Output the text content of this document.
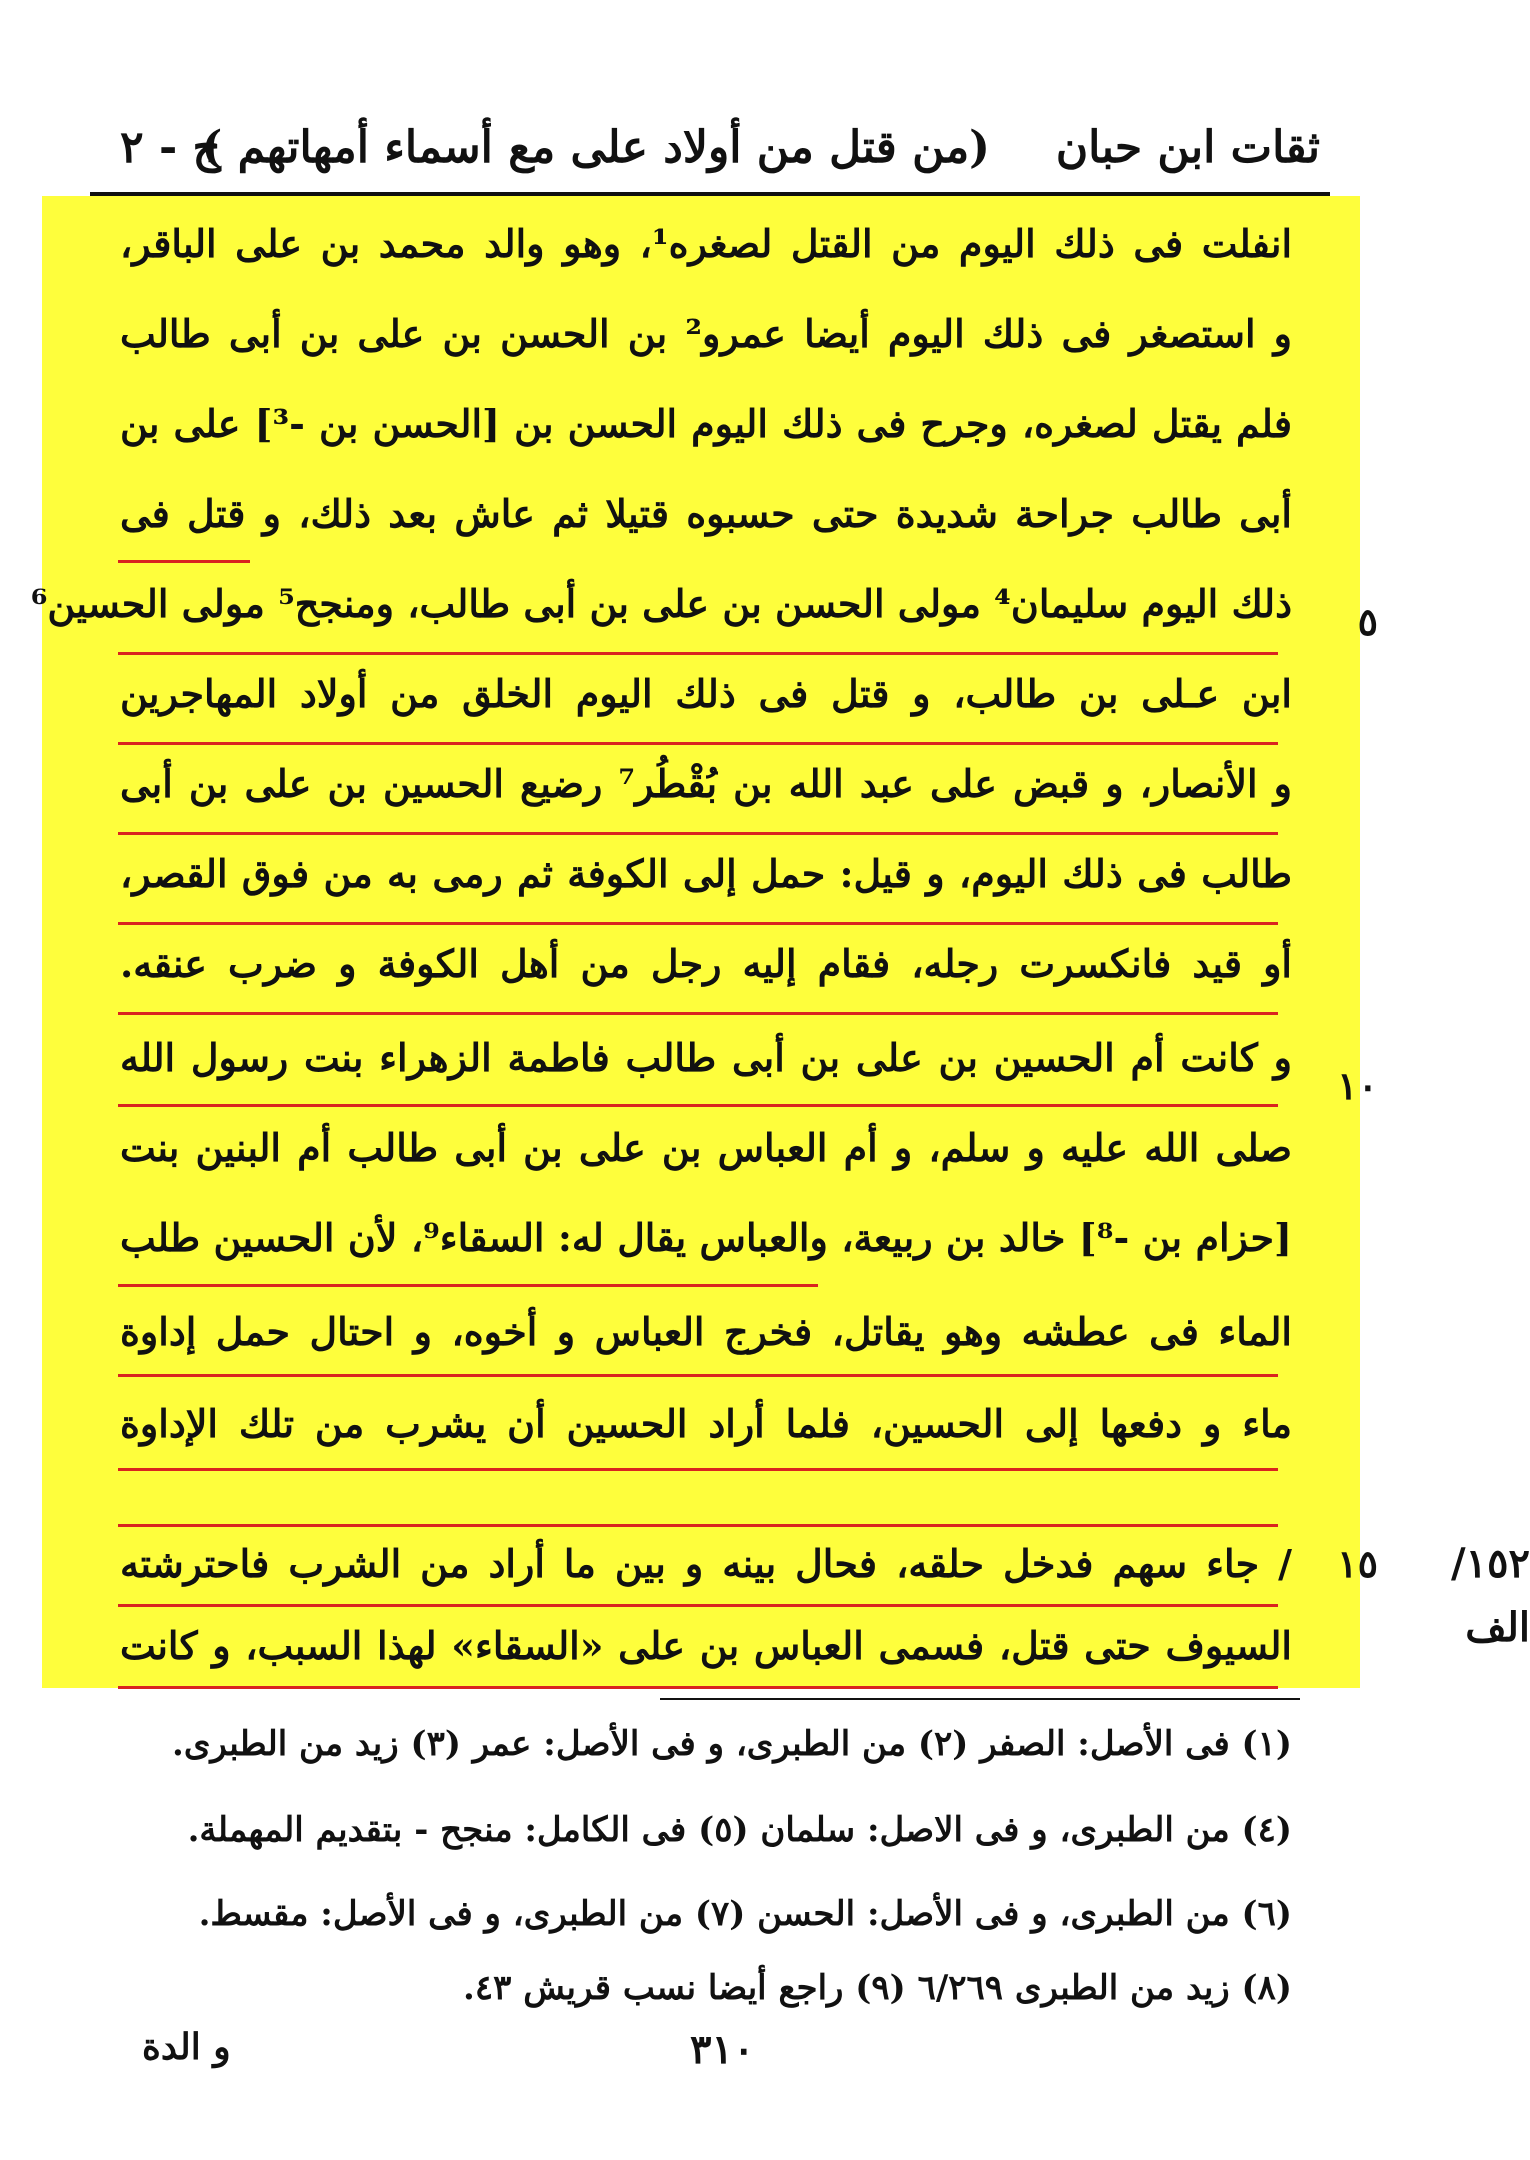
ثقات ابن حبان
(من قتل من أولاد على مع أسماء أمهاتهم )
ج - ٢
انفلت فى ذلك اليوم من القتل لصغره¹، وهو والد محمد بن على الباقر،
و استصغر فى ذلك اليوم أيضا عمرو² بن الحسن بن على بن أبى طالب
فلم يقتل لصغره، وجرح فى ذلك اليوم الحسن بن [الحسن بن -³] على بن
أبى طالب جراحة شديدة حتى حسبوه قتيلا ثم عاش بعد ذلك، و قتل فى
ذلك اليوم سليمان⁴ مولى الحسن بن على بن أبى طالب، ومنجح⁵ مولى الحسين⁶
ابن عـلى بن طالب، و قتل فى ذلك اليوم الخلق من أولاد المهاجرين
و الأنصار، و قبض على عبد الله بن بُقْطُر⁷ رضيع الحسين بن على بن أبى
طالب فى ذلك اليوم، و قيل: حمل إلى الكوفة ثم رمى به من فوق القصر،
أو قيد فانكسرت رجله، فقام إليه رجل من أهل الكوفة و ضرب عنقه.
و كانت أم الحسين بن على بن أبى طالب فاطمة الزهراء بنت رسول الله
صلى الله عليه و سلم، و أم العباس بن على بن أبى طالب أم البنين بنت
[حزام بن -⁸] خالد بن ربيعة، والعباس يقال له: السقاء⁹، لأن الحسين طلب
الماء فى عطشه وهو يقاتل، فخرج العباس و أخوه، و احتال حمل إداوة
ماء و دفعها إلى الحسين، فلما أراد الحسين أن يشرب من تلك الإداوة
/ جاء سهم فدخل حلقه، فحال بينه و بين ما أراد من الشرب فاحترشته
السيوف حتى قتل، فسمى العباس بن على «السقاء» لهذا السبب، و كانت
٥
١٠
١٥	١٥٢/ الف
(١) فى الأصل: الصفر (٢) من الطبرى، و فى الأصل: عمر (٣) زيد من الطبرى.
(٤) من الطبرى، و فى الاصل: سلمان (٥) فى الكامل: منجح - بتقديم المهملة.
(٦) من الطبرى، و فى الأصل: الحسن (٧) من الطبرى، و فى الأصل: مقسط.
(٨) زيد من الطبرى ٦/٢٦٩ (٩) راجع أيضا نسب قريش ٤٣.
٣١٠
و الدة
